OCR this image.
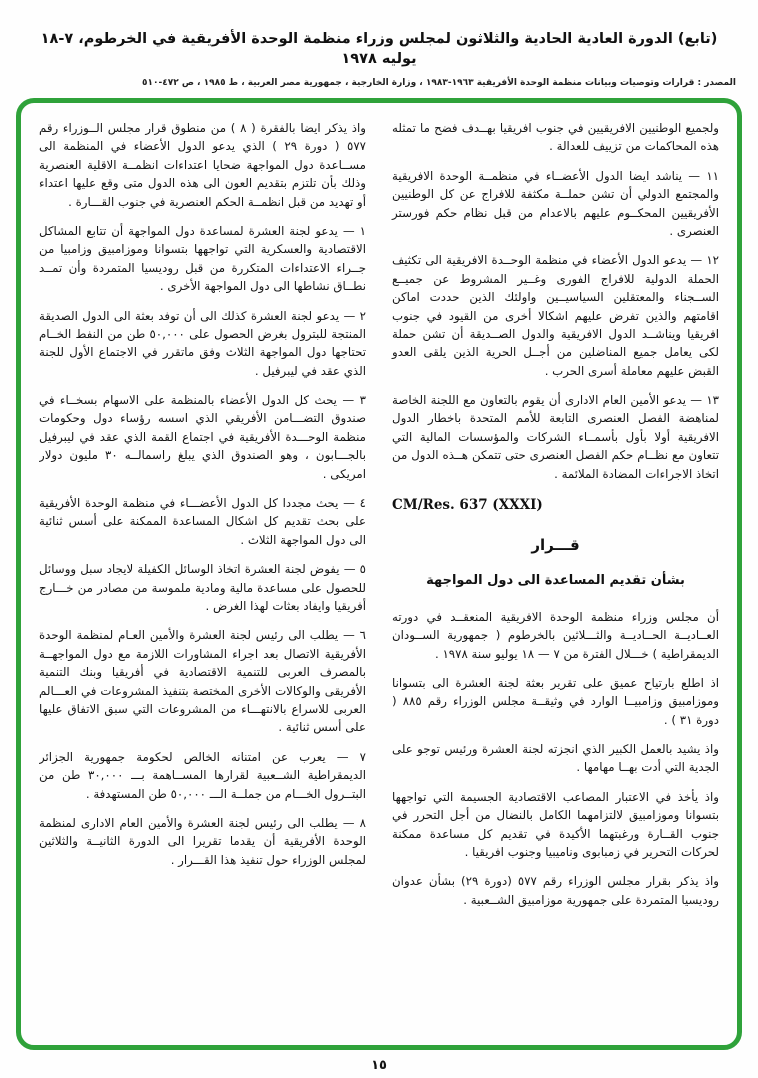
(تابع) الدورة العادية الحادية والثلاثون لمجلس وزراء منظمة الوحدة الأفريقية في الخرطوم، ٧-١٨ يوليه ١٩٧٨
المصدر : قرارات وتوصيات وبيانات منظمة الوحدة الأفريقية ١٩٦٣-١٩٨٣ ، وزارة الخارجية ، جمهورية مصر العربية ، ط ١٩٨٥ ، ص ٤٧٢-٥١٠

ولجميع الوطنيين الافريقيين في جنوب افريقيا بهــدف فضح ما تمثله هذه المحاكمات من تزييف للعدالة .

١١ — يناشد ايضا الدول الأعضــاء في منظمــة الوحدة الافريقية والمجتمع الدولي أن تشن حملــة مكثفة للافراج عن كل الوطنيين الأفريقيين المحكــوم عليهم بالاعدام من قبل نظام حكم فورستر العنصرى .

١٢ — يدعو الدول الأعضاء في منظمة الوحــدة الافريقية الى تكثيف الحملة الدولية للافراج الفورى وغــير المشروط عن جميــع الســجناء والمعتقلين السياسيــين واولئك الذين حددت اماكن اقامتهم والذين تفرض عليهم اشكالا أخرى من القيود في جنوب افريقيا ويناشــد الدول الافريقية والدول الصــديقة أن تشن حملة لكى يعامل جميع المناضلين من أجــل الحرية الذين يلقى العدو القبض عليهم معاملة أسرى الحرب .

١٣ — يدعو الأمين العام الادارى أن يقوم بالتعاون مع اللجنة الخاصة لمناهضة الفصل العنصرى التابعة للأمم المتحدة باخطار الدول الافريقية أولا بأول بأسمــاء الشركات والمؤسسات المالية التي تتعاون مع نظــام حكم الفصل العنصرى حتى تتمكن هــذه الدول من اتخاذ الاجراءات المضادة الملائمة .

CM/Res. 637 (XXXI)
قـــرار
بشأن تقديم المساعدة الى دول المواجهة

أن مجلس وزراء منظمة الوحدة الافريقية المنعقــد في دورته العــاديــة الحــاديــة والثـــلاثين بالخرطوم ( جمهورية الســودان الديمقراطية ) خـــلال الفترة من ٧ — ١٨ يوليو سنة ١٩٧٨ .

اذ اطلع بارتياح عميق على تقرير بعثة لجنة العشرة الى بتسوانا وموزامبيق وزامبيــا الوارد في وثيقــة مجلس الوزراء رقم ٨٨٥ ( دورة ٣١ ) .

واذ يشيد بالعمل الكبير الذي انجزته لجنة العشرة ورئيس توجو على الجدية التي أدت بهــا مهامها .

واذ يأخذ في الاعتبار المصاعب الاقتصادية الجسيمة التي تواجهها بتسوانا وموزامبيق لالتزامهما الكامل بالنضال من أجل التحرر في جنوب القــارة ورغبتهما الأكيدة في تقديم كل مساعدة ممكنة لحركات التحرير في زمبابوى وناميبيا وجنوب افريقيا .

واذ يذكر بقرار مجلس الوزراء رقم ٥٧٧ (دورة ٢٩) بشأن عدوان روديسيا المتمردة على جمهورية موزامبيق الشــعبية .

واذ يذكر ايضا بالفقرة ( ٨ ) من منطوق قرار مجلس الــوزراء رقم ٥٧٧ ( دورة ٢٩ ) الذي يدعو الدول الأعضاء في المنظمة الى مســاعدة دول المواجهة ضحايا اعتداءات انظمــة الاقلية العنصرية وذلك بأن تلتزم بتقديم العون الى هذه الدول متى وقع عليها اعتداء أو تهديد من قبل انظمــة الحكم العنصرية في جنوب القـــارة .

١ — يدعو لجنة العشرة لمساعدة دول المواجهة أن تتابع المشاكل الاقتصادية والعسكرية التي تواجهها بتسوانا وموزامبيق وزامبيا من جــراء الاعتداءات المتكررة من قبل روديسيا المتمردة وأن تمــد نطــاق نشاطها الى دول المواجهة الأخرى .

٢ — يدعو لجنة العشرة كذلك الى أن توفد بعثة الى الدول الصديقة المنتجة للبترول بغرض الحصول على ٥٠,٠٠٠ طن من النفط الخــام تحتاجها دول المواجهة الثلاث وفق ماتقرر في الاجتماع الأول للجنة الذي عقد في ليبرفيل .

٣ — يحث كل الدول الأعضاء بالمنظمة على الاسهام بسخــاء في صندوق التضـــامن الأفريقي الذي اسسه رؤساء دول وحكومات منظمة الوحـــدة الأفريقية في اجتماع القمة الذي عقد في ليبرفيل بالجـــابون ، وهو الصندوق الذي يبلغ راسمالــه ٣٠ مليون دولار امريكى .

٤ — يحث مجددا كل الدول الأعضـــاء في منظمة الوحدة الأفريقية على بحث تقديم كل اشكال المساعدة الممكنة على أسس ثنائية الى دول المواجهة الثلاث .

٥ — يفوض لجنة العشرة اتخاذ الوسائل الكفيلة لايجاد سبل ووسائل للحصول على مساعدة مالية ومادية ملموسة من مصادر من خـــارج أفريقيا وايفاد بعثات لهذا الغرض .

٦ — يطلب الى رئيس لجنة العشرة والأمين العـام لمنظمة الوحدة الأفريقية الاتصال بعد اجراء المشاورات اللازمة مع دول المواجهــة بالمصرف العربى للتنمية الاقتصادية في أفريقيا وبنك التنمية الأفريقى والوكالات الأخرى المختصة بتنفيذ المشروعات في العـــالم العربى للاسراع بالانتهـــاء من المشروعات التي سبق الاتفاق عليها على أسس ثنائية .

٧ — يعرب عن امتنانه الخالص لحكومة جمهورية الجزائر الديمقراطية الشــعبية لقرارها المســاهمة بـــ ٣٠,٠٠٠ طن من البتــرول الخـــام من جملــة الـــ ٥٠,٠٠٠ طن المستهدفة .

٨ — يطلب الى رئيس لجنة العشرة والأمين العام الادارى لمنظمة الوحدة الأفريقية أن يقدما تقريرا الى الدورة الثانيــة والثلاثين لمجلس الوزراء حول تنفيذ هذا القـــرار .

١٥
